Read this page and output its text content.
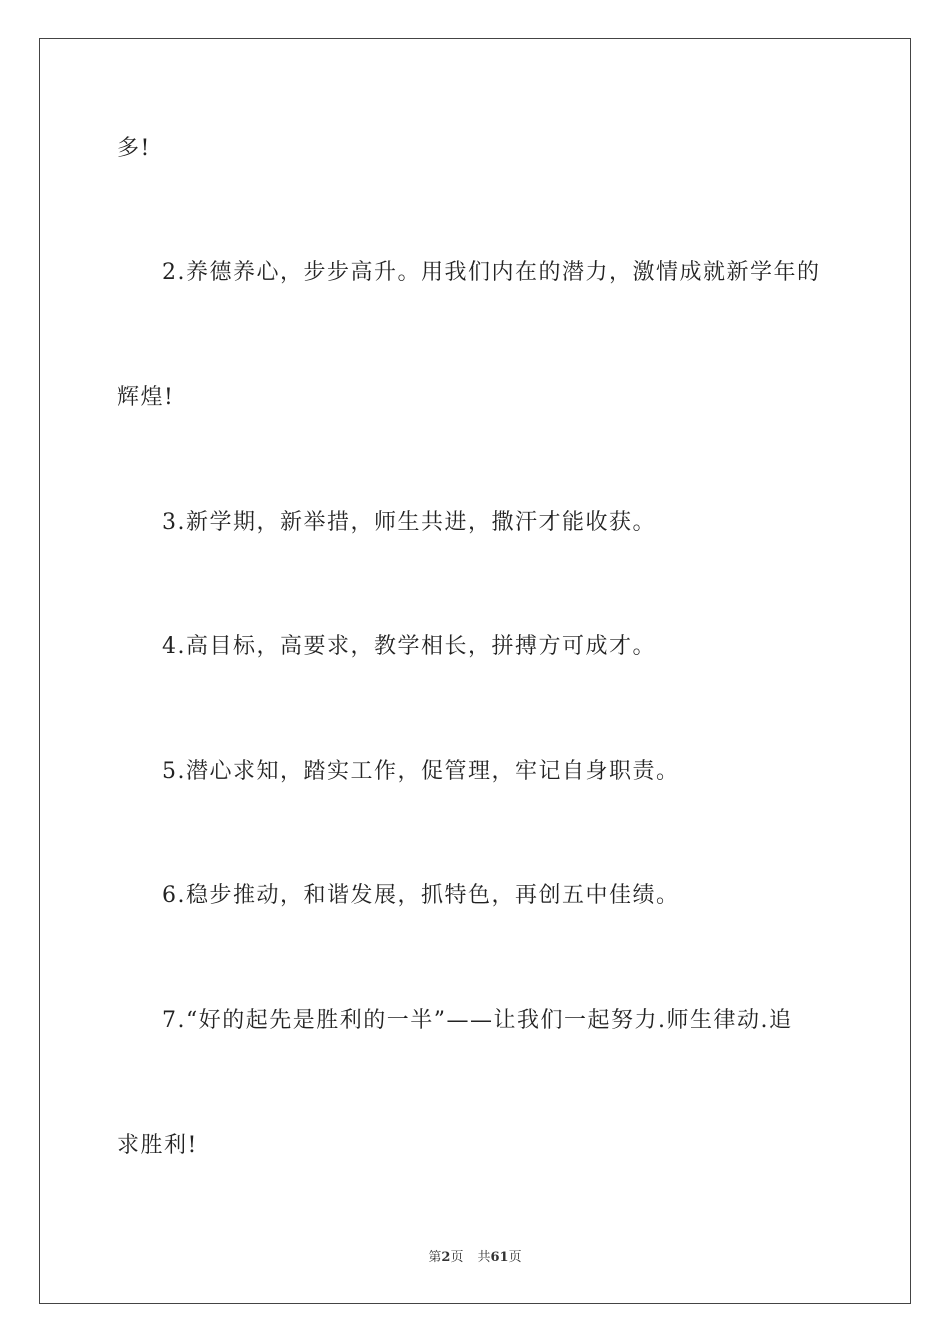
多!
2.养德养心，步步高升。用我们内在的潜力，激情成就新学年的
辉煌!
3.新学期，新举措，师生共进，撒汗才能收获。
4.高目标，高要求，教学相长，拼搏方可成才。
5.潜心求知，踏实工作，促管理，牢记自身职责。
6.稳步推动，和谐发展，抓特色，再创五中佳绩。
7.“好的起先是胜利的一半”——让我们一起努力.师生律动.追
求胜利!
第2页 共61页
